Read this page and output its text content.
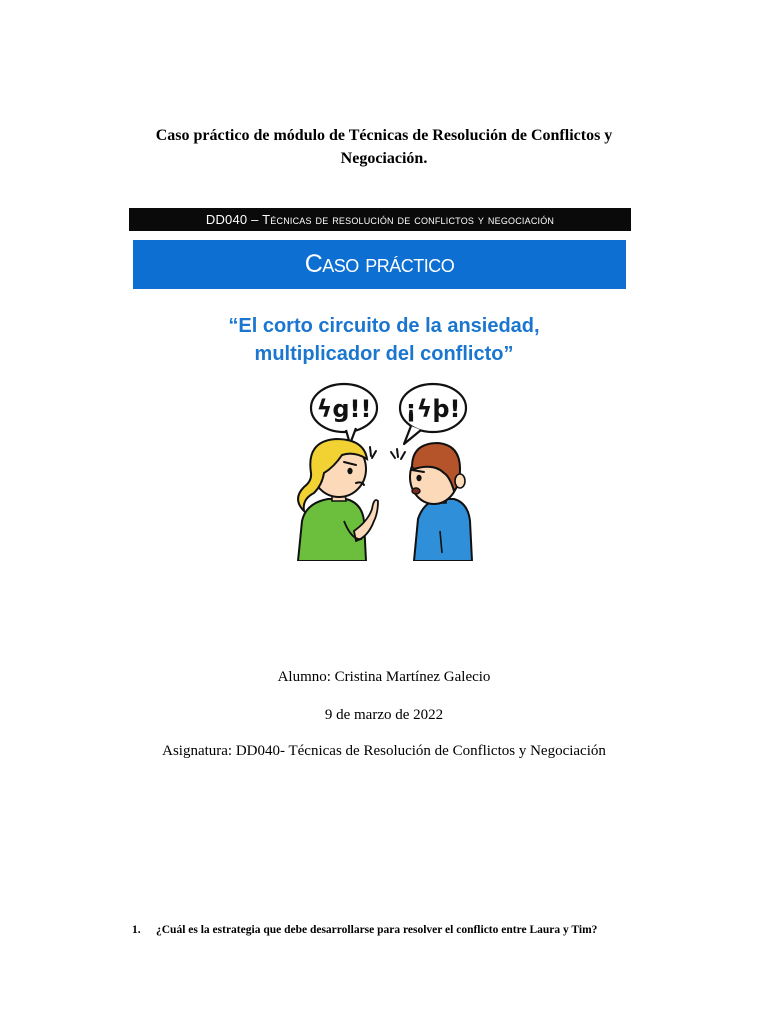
Caso práctico de módulo de Técnicas de Resolución de Conflictos y
Negociación.
DD040 – Técnicas de resolución de conflictos y negociación
Caso práctico
“El corto circuito de la ansiedad,
multiplicador del conflicto”
ϟg!! ¡ϟþ!
Alumno: Cristina Martínez Galecio
9 de marzo de 2022
Asignatura: DD040- Técnicas de Resolución de Conflictos y Negociación
1. ¿Cuál es la estrategia que debe desarrollarse para resolver el conflicto entre Laura y Tim?
